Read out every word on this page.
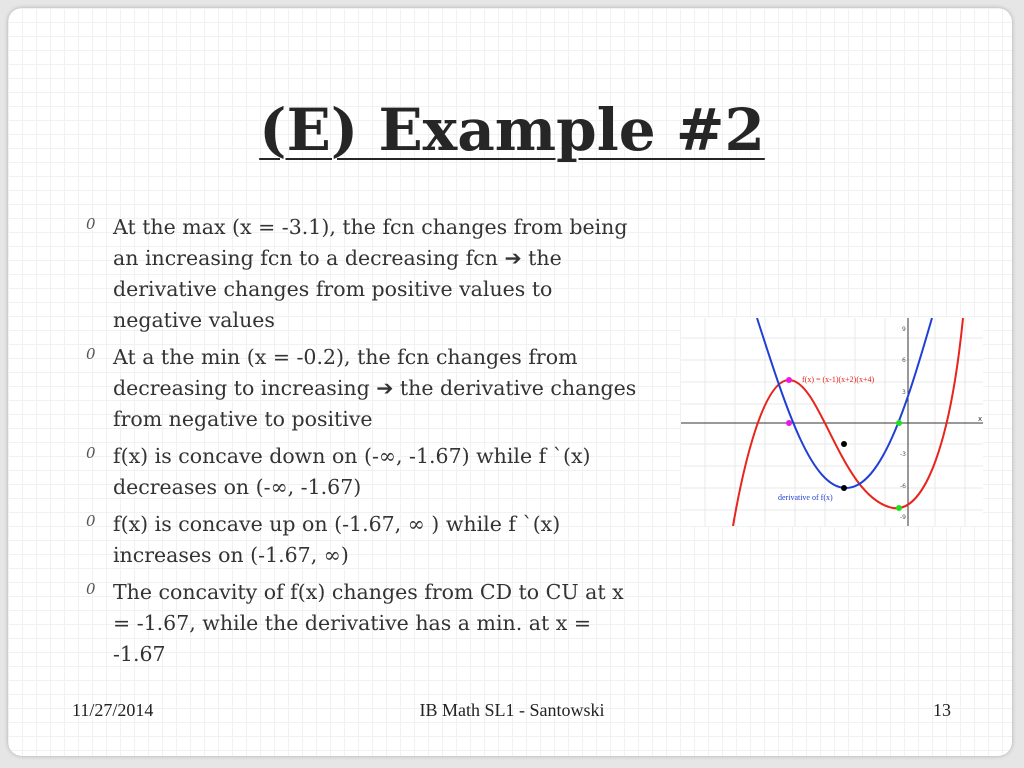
(E) Example #2
0 At the max (x = -3.1), the fcn changes from being an increasing fcn to a decreasing fcn ➔ the derivative changes from positive values to negative values
0 At a the min (x = -0.2), the fcn changes from decreasing to increasing ➔ the derivative changes from negative to positive
0 f(x) is concave down on (-∞, -1.67) while f `(x) decreases on (-∞, -1.67)
0 f(x) is concave up on (-1.67, ∞ ) while f `(x) increases on (-1.67, ∞)
0 The concavity of f(x) changes from CD to CU at x = -1.67, while the derivative has a min. at x = -1.67
x
9
6
3
-3
-6
-9
f(x) = (x-1)(x+2)(x+4)
derivative of f(x)
11/27/2014	IB Math SL1 - Santowski	13
